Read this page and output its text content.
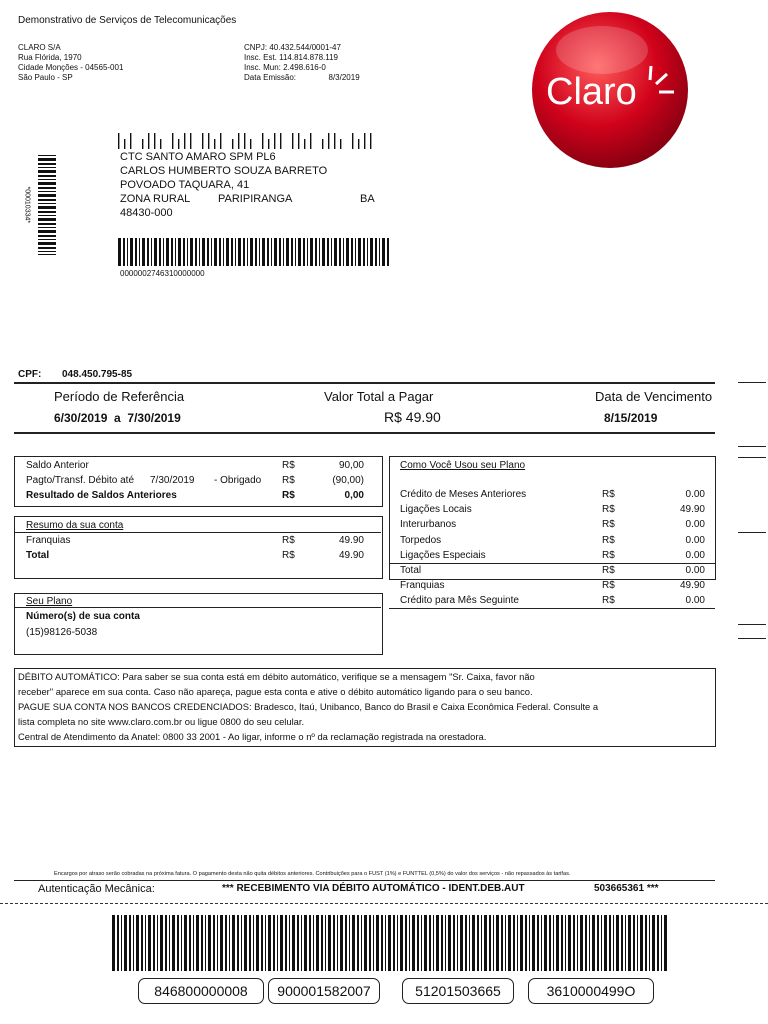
Demonstrativo de Serviços de Telecomunicações
CLARO S/A
Rua Flórida, 1970
Cidade Monções - 04565-001
São Paulo - SP
CNPJ: 40.432.544/0001-47
Insc. Est. 114.814.878.119
Insc. Mun: 2.498.616-0
Data Emissão:	8/3/2019	Claro
CTC SANTO AMARO SPM PL6
CARLOS HUMBERTO SOUZA BARRETO
POVOADO TAQUARA, 41
ZONA RURAL	PARIPIRANGA	BA
48430-000
0000002746310000000
*00010334*
CPF: 048.450.795-85
Período de Referência	Valor Total a Pagar	Data de Vencimento
6/30/2019  a  7/30/2019	R$ 49.90	8/15/2019
Saldo Anterior	R$	90,00
Pagto/Transf. Débito até 7/30/2019 - Obrigado R$	(90,00)
Resultado de Saldos Anteriores	R$	0,00
Resumo da sua conta
Franquias	R$	49.90
Total	R$	49.90
Seu Plano
Número(s) de sua conta
(15)98126-5038
Como Você Usou seu Plano
Crédito de Meses Anteriores	R$	0.00
Ligações Locais	R$	49.90
Interurbanos	R$	0.00
Torpedos	R$	0.00
Ligações Especiais	R$	0.00
Total	R$	0.00
Franquias	R$	49.90
Crédito para Mês Seguinte	R$	0.00
DÉBITO AUTOMÁTICO: Para saber se sua conta está em débito automático, verifique se a mensagem "Sr. Caixa, favor não
receber" aparece em sua conta. Caso não apareça, pague esta conta e ative o débito automático ligando para o seu banco.
PAGUE SUA CONTA NOS BANCOS CREDENCIADOS: Bradesco, Itaú, Unibanco, Banco do Brasil e Caixa Econômica Federal. Consulte a
lista completa no site www.claro.com.br ou ligue 0800 do seu celular.
Central de Atendimento da Anatel: 0800 33 2001 - Ao ligar, informe o nº da reclamação registrada na orestadora.
Encargos por atraso serão cobradas na próxima fatura. O pagamento desta não quita débitos anteriores. Contribuições para o FUST (1%) e FUNTTEL (0,5%) do valor dos serviços - não repassados às tarifas.
Autenticação Mecânica:	*** RECEBIMENTO VIA DÉBITO AUTOMÁTICO - IDENT.DEB.AUT	503665361 ***
846800000008	900001582007	51201503665	3610000499O
